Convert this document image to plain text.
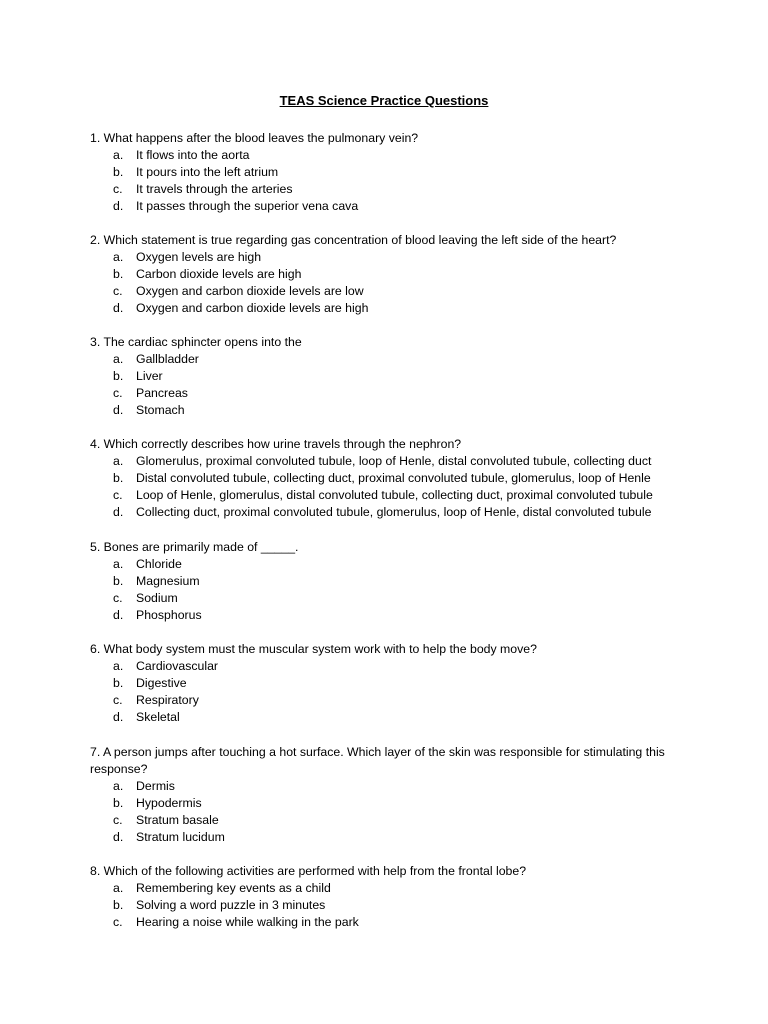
TEAS Science Practice Questions
1. What happens after the blood leaves the pulmonary vein?
a. It flows into the aorta
b. It pours into the left atrium
c. It travels through the arteries
d. It passes through the superior vena cava
2. Which statement is true regarding gas concentration of blood leaving the left side of the heart?
a. Oxygen levels are high
b. Carbon dioxide levels are high
c. Oxygen and carbon dioxide levels are low
d. Oxygen and carbon dioxide levels are high
3. The cardiac sphincter opens into the
a. Gallbladder
b. Liver
c. Pancreas
d. Stomach
4. Which correctly describes how urine travels through the nephron?
a. Glomerulus, proximal convoluted tubule, loop of Henle, distal convoluted tubule, collecting duct
b. Distal convoluted tubule, collecting duct, proximal convoluted tubule, glomerulus, loop of Henle
c. Loop of Henle, glomerulus, distal convoluted tubule, collecting duct, proximal convoluted tubule
d. Collecting duct, proximal convoluted tubule, glomerulus, loop of Henle, distal convoluted tubule
5. Bones are primarily made of _____.
a. Chloride
b. Magnesium
c. Sodium
d. Phosphorus
6. What body system must the muscular system work with to help the body move?
a. Cardiovascular
b. Digestive
c. Respiratory
d. Skeletal
7. A person jumps after touching a hot surface. Which layer of the skin was responsible for stimulating this response?
a. Dermis
b. Hypodermis
c. Stratum basale
d. Stratum lucidum
8. Which of the following activities are performed with help from the frontal lobe?
a. Remembering key events as a child
b. Solving a word puzzle in 3 minutes
c. Hearing a noise while walking in the park
